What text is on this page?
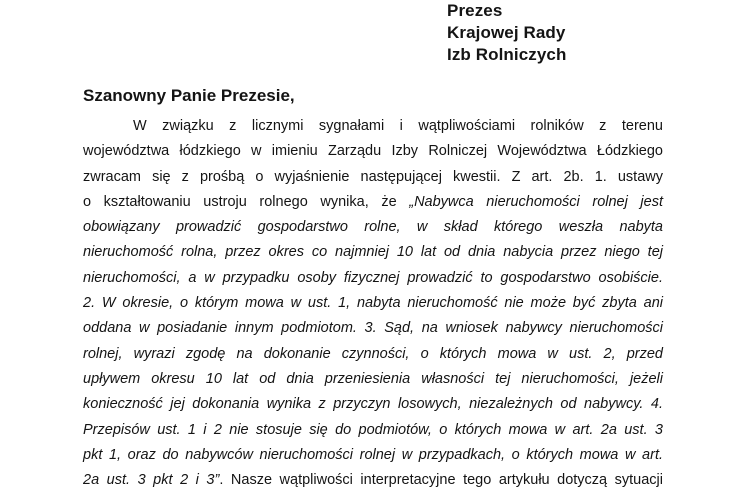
Prezes
Krajowej Rady
Izb Rolniczych
Szanowny Panie Prezesie,
W związku z licznymi sygnałami i wątpliwościami rolników z terenu
województwa łódzkiego w imieniu Zarządu Izby Rolniczej Województwa Łódzkiego
zwracam się z prośbą o wyjaśnienie następującej kwestii. Z art. 2b. 1. ustawy
o kształtowaniu ustroju rolnego wynika, że „Nabywca nieruchomości rolnej jest
obowiązany prowadzić gospodarstwo rolne, w skład którego weszła nabyta
nieruchomość rolna, przez okres co najmniej 10 lat od dnia nabycia przez niego tej
nieruchomości, a w przypadku osoby fizycznej prowadzić to gospodarstwo osobiście.
2. W okresie, o którym mowa w ust. 1, nabyta nieruchomość nie może być zbyta ani
oddana w posiadanie innym podmiotom. 3. Sąd, na wniosek nabywcy nieruchomości
rolnej, wyrazi zgodę na dokonanie czynności, o których mowa w ust. 2, przed
upływem okresu 10 lat od dnia przeniesienia własności tej nieruchomości, jeżeli
konieczność jej dokonania wynika z przyczyn losowych, niezależnych od nabywcy. 4.
Przepisów ust. 1 i 2 nie stosuje się do podmiotów, o których mowa w art. 2a ust. 3
pkt 1, oraz do nabywców nieruchomości rolnej w przypadkach, o których mowa w art.
2a ust. 3 pkt 2 i 3”. Nasze wątpliwości interpretacyjne tego artykułu dotyczą sytuacji
